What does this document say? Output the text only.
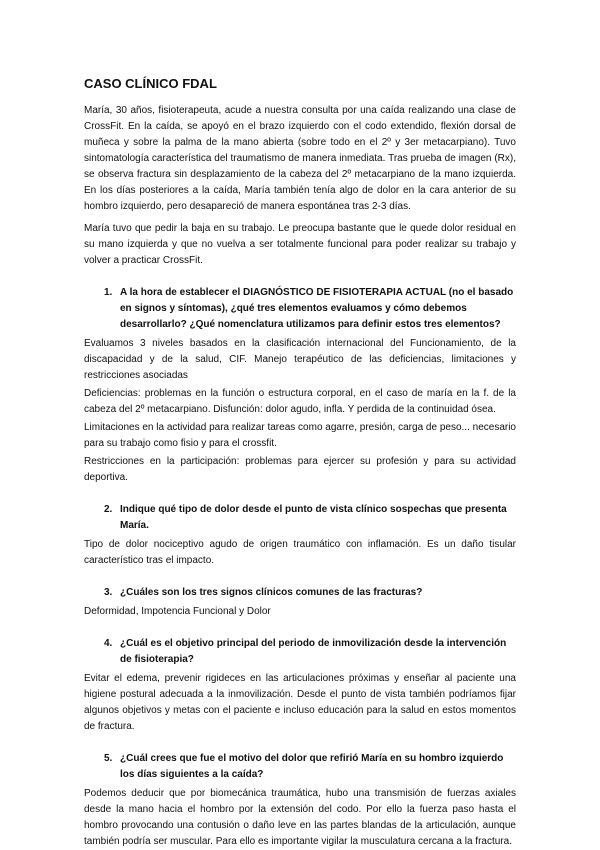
CASO CLÍNICO FDAL

María, 30 años, fisioterapeuta, acude a nuestra consulta por una caída realizando una clase de CrossFit. En la caída, se apoyó en el brazo izquierdo con el codo extendido, flexión dorsal de muñeca y sobre la palma de la mano abierta (sobre todo en el 2º y 3er metacarpiano). Tuvo sintomatología característica del traumatismo de manera inmediata. Tras prueba de imagen (Rx), se observa fractura sin desplazamiento de la cabeza del 2º metacarpiano de la mano izquierda. En los días posteriores a la caída, María también tenía algo de dolor en la cara anterior de su hombro izquierdo, pero desapareció de manera espontánea tras 2-3 días.

María tuvo que pedir la baja en su trabajo. Le preocupa bastante que le quede dolor residual en su mano izquierda y que no vuelva a ser totalmente funcional para poder realizar su trabajo y volver a practicar CrossFit.

1. A la hora de establecer el DIAGNÓSTICO DE FISIOTERAPIA ACTUAL (no el basado en signos y síntomas), ¿qué tres elementos evaluamos y cómo debemos desarrollarlo? ¿Qué nomenclatura utilizamos para definir estos tres elementos?

Evaluamos 3 niveles basados en la clasificación internacional del Funcionamiento, de la discapacidad y de la salud, CIF. Manejo terapéutico de las deficiencias, limitaciones y restricciones asociadas

Deficiencias: problemas en la función o estructura corporal, en el caso de maría en la f. de la cabeza del 2º metacarpiano. Disfunción: dolor agudo, infla. Y perdida de la continuidad ósea.

Limitaciones en la actividad para realizar tareas como agarre, presión, carga de peso... necesario para su trabajo como fisio y para el crossfit.

Restricciones en la participación: problemas para ejercer su profesión y para su actividad deportiva.

2. Indique qué tipo de dolor desde el punto de vista clínico sospechas que presenta María.

Tipo de dolor nociceptivo agudo de origen traumático con inflamación. Es un daño tisular característico tras el impacto.

3. ¿Cuáles son los tres signos clínicos comunes de las fracturas?

Deformidad, Impotencia Funcional y Dolor

4. ¿Cuál es el objetivo principal del periodo de inmovilización desde la intervención de fisioterapia?

Evitar el edema, prevenir rigideces en las articulaciones próximas y enseñar al paciente una higiene postural adecuada a la inmovilización. Desde el punto de vista también podríamos fijar algunos objetivos y metas con el paciente e incluso educación para la salud en estos momentos de fractura.

5. ¿Cuál crees que fue el motivo del dolor que refirió María en su hombro izquierdo los días siguientes a la caída?

Podemos deducir que por biomecánica traumática, hubo una transmisión de fuerzas axiales desde la mano hacia el hombro por la extensión del codo. Por ello la fuerza paso hasta el hombro provocando una contusión o daño leve en las partes blandas de la articulación, aunque también podría ser muscular. Para ello es importante vigilar la musculatura cercana a la fractura.
